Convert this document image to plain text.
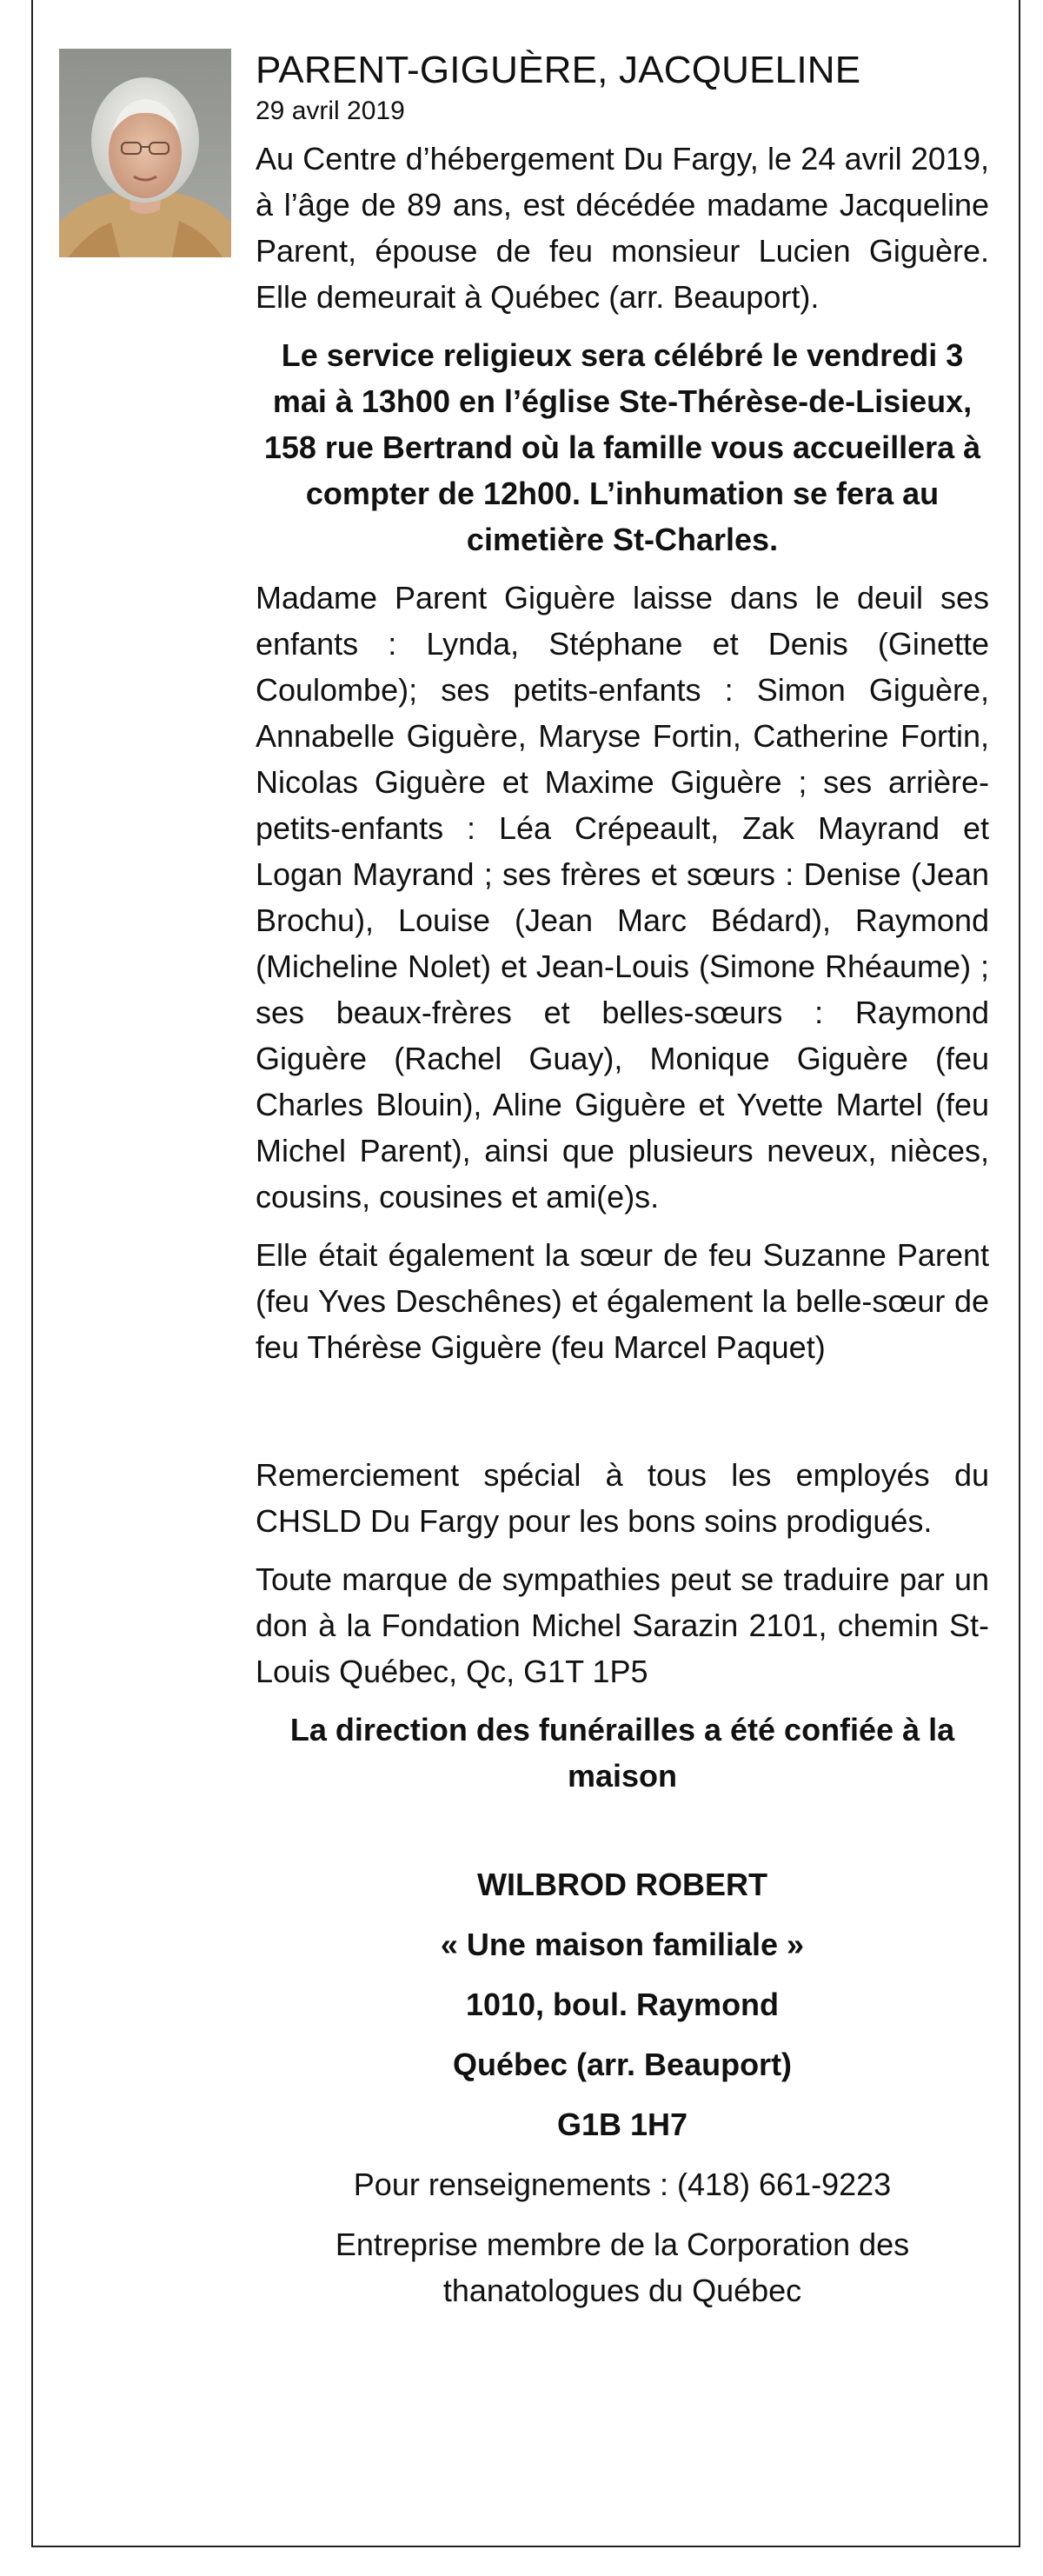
PARENT-GIGUÈRE, JACQUELINE

29 avril 2019

Au Centre d’hébergement Du Fargy, le 24 avril 2019, à l’âge de 89 ans, est décédée madame Jacqueline Parent, épouse de feu monsieur Lucien Giguère. Elle demeurait à Québec (arr. Beauport).

Le service religieux sera célébré le vendredi 3 mai à 13h00 en l’église Ste-Thérèse-de-Lisieux, 158 rue Bertrand où la famille vous accueillera à compter de 12h00. L’inhumation se fera au cimetière St-Charles.

Madame Parent Giguère laisse dans le deuil ses enfants : Lynda, Stéphane et Denis (Ginette Coulombe); ses petits-enfants : Simon Giguère, Annabelle Giguère, Maryse Fortin, Catherine Fortin, Nicolas Giguère et Maxime Giguère ; ses arrière-petits-enfants : Léa Crépeault, Zak Mayrand et Logan Mayrand ; ses frères et sœurs : Denise (Jean Brochu), Louise (Jean Marc Bédard), Raymond (Micheline Nolet) et Jean-Louis (Simone Rhéaume) ; ses beaux-frères et belles-sœurs : Raymond Giguère (Rachel Guay), Monique Giguère (feu Charles Blouin), Aline Giguère et Yvette Martel (feu Michel Parent), ainsi que plusieurs neveux, nièces, cousins, cousines et ami(e)s.

Elle était également la sœur de feu Suzanne Parent (feu Yves Deschênes) et également la belle-sœur de feu Thérèse Giguère (feu Marcel Paquet)

Remerciement spécial à tous les employés du CHSLD Du Fargy pour les bons soins prodigués.

Toute marque de sympathies peut se traduire par un don à la Fondation Michel Sarazin 2101, chemin St-Louis Québec, Qc, G1T 1P5

La direction des funérailles a été confiée à la maison

WILBROD ROBERT

« Une maison familiale »

1010, boul. Raymond

Québec (arr. Beauport)

G1B 1H7

Pour renseignements : (418) 661-9223

Entreprise membre de la Corporation des thanatologues du Québec
